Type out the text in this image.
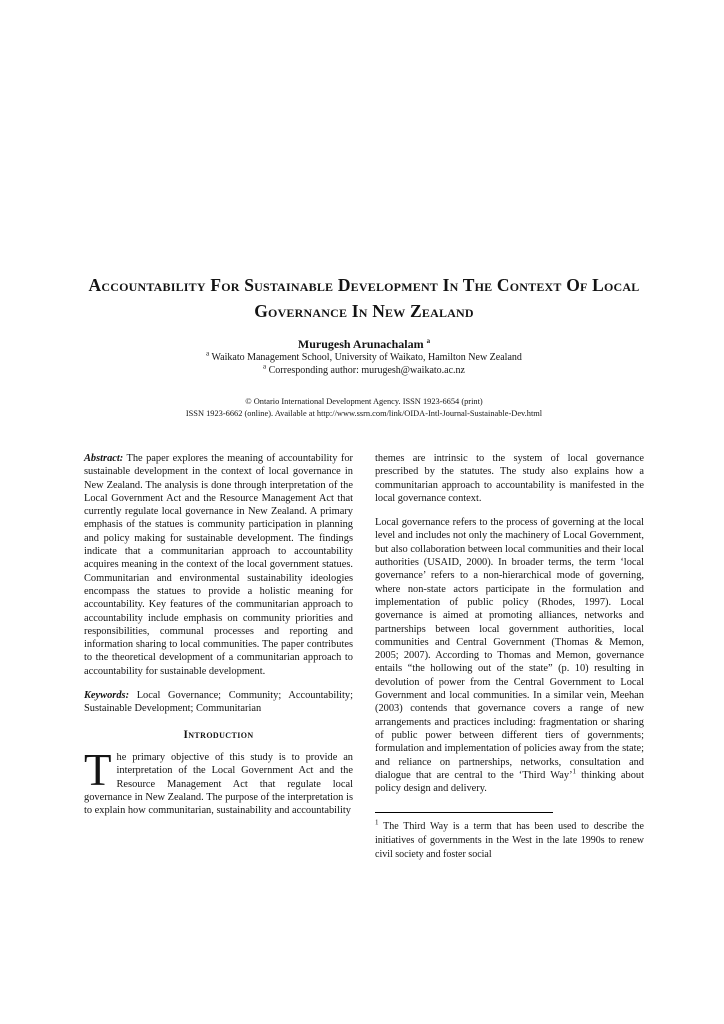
Accountability For Sustainable Development In The Context Of Local Governance In New Zealand
Murugesh Arunachalam $^a$
$^a$ Waikato Management School, University of Waikato, Hamilton New Zealand
$^a$ Corresponding author: murugesh@waikato.ac.nz
© Ontario International Development Agency. ISSN 1923-6654 (print)
ISSN 1923-6662 (online). Available at http://www.ssrn.com/link/OIDA-Intl-Journal-Sustainable-Dev.html

Abstract: The paper explores the meaning of accountability for sustainable development in the context of local governance in New Zealand. The analysis is done through interpretation of the Local Government Act and the Resource Management Act that currently regulate local governance in New Zealand. A primary emphasis of the statues is community participation in planning and policy making for sustainable development. The findings indicate that a communitarian approach to accountability acquires meaning in the context of the local government statues. Communitarian and environmental sustainability ideologies encompass the statues to provide a holistic meaning for accountability. Key features of the communitarian approach to accountability include emphasis on community priorities and responsibilities, communal processes and reporting and information sharing to local communities. The paper contributes to the theoretical development of a communitarian approach to accountability for sustainable development.

Keywords: Local Governance; Community; Accountability; Sustainable Development; Communitarian

Introduction

The primary objective of this study is to provide an interpretation of the Local Government Act and the Resource Management Act that regulate local governance in New Zealand. The purpose of the interpretation is to explain how communitarian, sustainability and accountability

themes are intrinsic to the system of local governance prescribed by the statutes. The study also explains how a communitarian approach to accountability is manifested in the local governance context.

Local governance refers to the process of governing at the local level and includes not only the machinery of Local Government, but also collaboration between local communities and their local authorities (USAID, 2000). In broader terms, the term ‘local governance’ refers to a non-hierarchical mode of governing, where non-state actors participate in the formulation and implementation of public policy (Rhodes, 1997). Local governance is aimed at promoting alliances, networks and partnerships between local government authorities, local communities and Central Government (Thomas & Memon, 2005; 2007). According to Thomas and Memon, governance entails “the hollowing out of the state” (p. 10) resulting in devolution of power from the Central Government to Local Government and local communities. In a similar vein, Meehan (2003) contends that governance covers a range of new arrangements and practices including: fragmentation or sharing of public power between different tiers of governments; formulation and implementation of policies away from the state; and reliance on partnerships, networks, consultation and dialogue that are central to the ‘Third Way’$^1$ thinking about policy design and delivery.

$^1$ The Third Way is a term that has been used to describe the initiatives of governments in the West in the late 1990s to renew civil society and foster social
